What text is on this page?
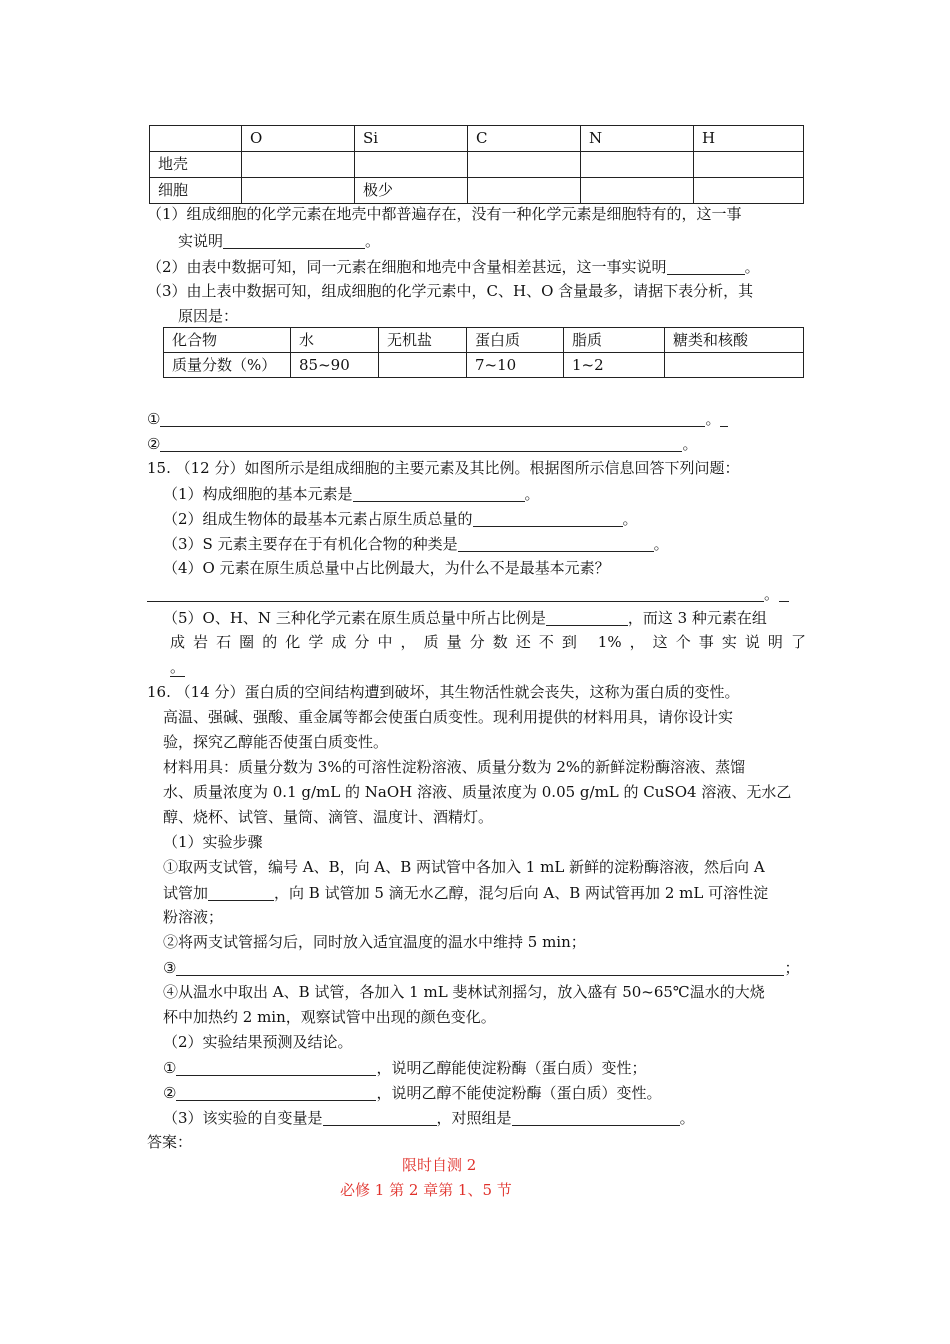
	O	Si	C	N	H
地壳					
细胞		极少			
（1）组成细胞的化学元素在地壳中都普遍存在，没有一种化学元素是细胞特有的，这一事
实说明	。
（2）由表中数据可知，同一元素在细胞和地壳中含量相差甚远，这一事实说明	。
（3）由上表中数据可知，组成细胞的化学元素中，C、H、O 含量最多，请据下表分析，其
原因是：
化合物	水	无机盐	蛋白质	脂质	糖类和核酸
质量分数（%）	85~90		7~10	1~2	
①	。
②	。
15. （12 分）如图所示是组成细胞的主要元素及其比例。根据图所示信息回答下列问题：
（1）构成细胞的基本元素是	。
（2）组成生物体的最基本元素占原生质总量的	。
（3）S 元素主要存在于有机化合物的种类是	。
（4）O 元素在原生质总量中占比例最大，为什么不是最基本元素？
。
（5）O、H、N 三种化学元素在原生质总量中所占比例是	，而这 3 种元素在组
成岩石圈的化学成分中，质量分数还不到 1%，这个事实说明了
。
16. （14 分）蛋白质的空间结构遭到破坏，其生物活性就会丧失，这称为蛋白质的变性。
高温、强碱、强酸、重金属等都会使蛋白质变性。现利用提供的材料用具，请你设计实
验，探究乙醇能否使蛋白质变性。
材料用具：质量分数为 3%的可溶性淀粉溶液、质量分数为 2%的新鲜淀粉酶溶液、蒸馏
水、质量浓度为 0.1 g/mL 的 NaOH 溶液、质量浓度为 0.05 g/mL 的 CuSO4 溶液、无水乙
醇、烧杯、试管、量筒、滴管、温度计、酒精灯。
（1）实验步骤
①取两支试管，编号 A、B，向 A、B 两试管中各加入 1 mL 新鲜的淀粉酶溶液，然后向 A
试管加	，向 B 试管加 5 滴无水乙醇，混匀后向 A、B 两试管再加 2 mL 可溶性淀
粉溶液；
②将两支试管摇匀后，同时放入适宜温度的温水中维持 5 min；
③	；
④从温水中取出 A、B 试管，各加入 1 mL 斐林试剂摇匀，放入盛有 50~65℃温水的大烧
杯中加热约 2 min，观察试管中出现的颜色变化。
（2）实验结果预测及结论。
①	，说明乙醇能使淀粉酶（蛋白质）变性；
②	，说明乙醇不能使淀粉酶（蛋白质）变性。
（3）该实验的自变量是	，对照组是	。
答案：
限时自测 2
必修 1 第 2 章第 1、5 节
